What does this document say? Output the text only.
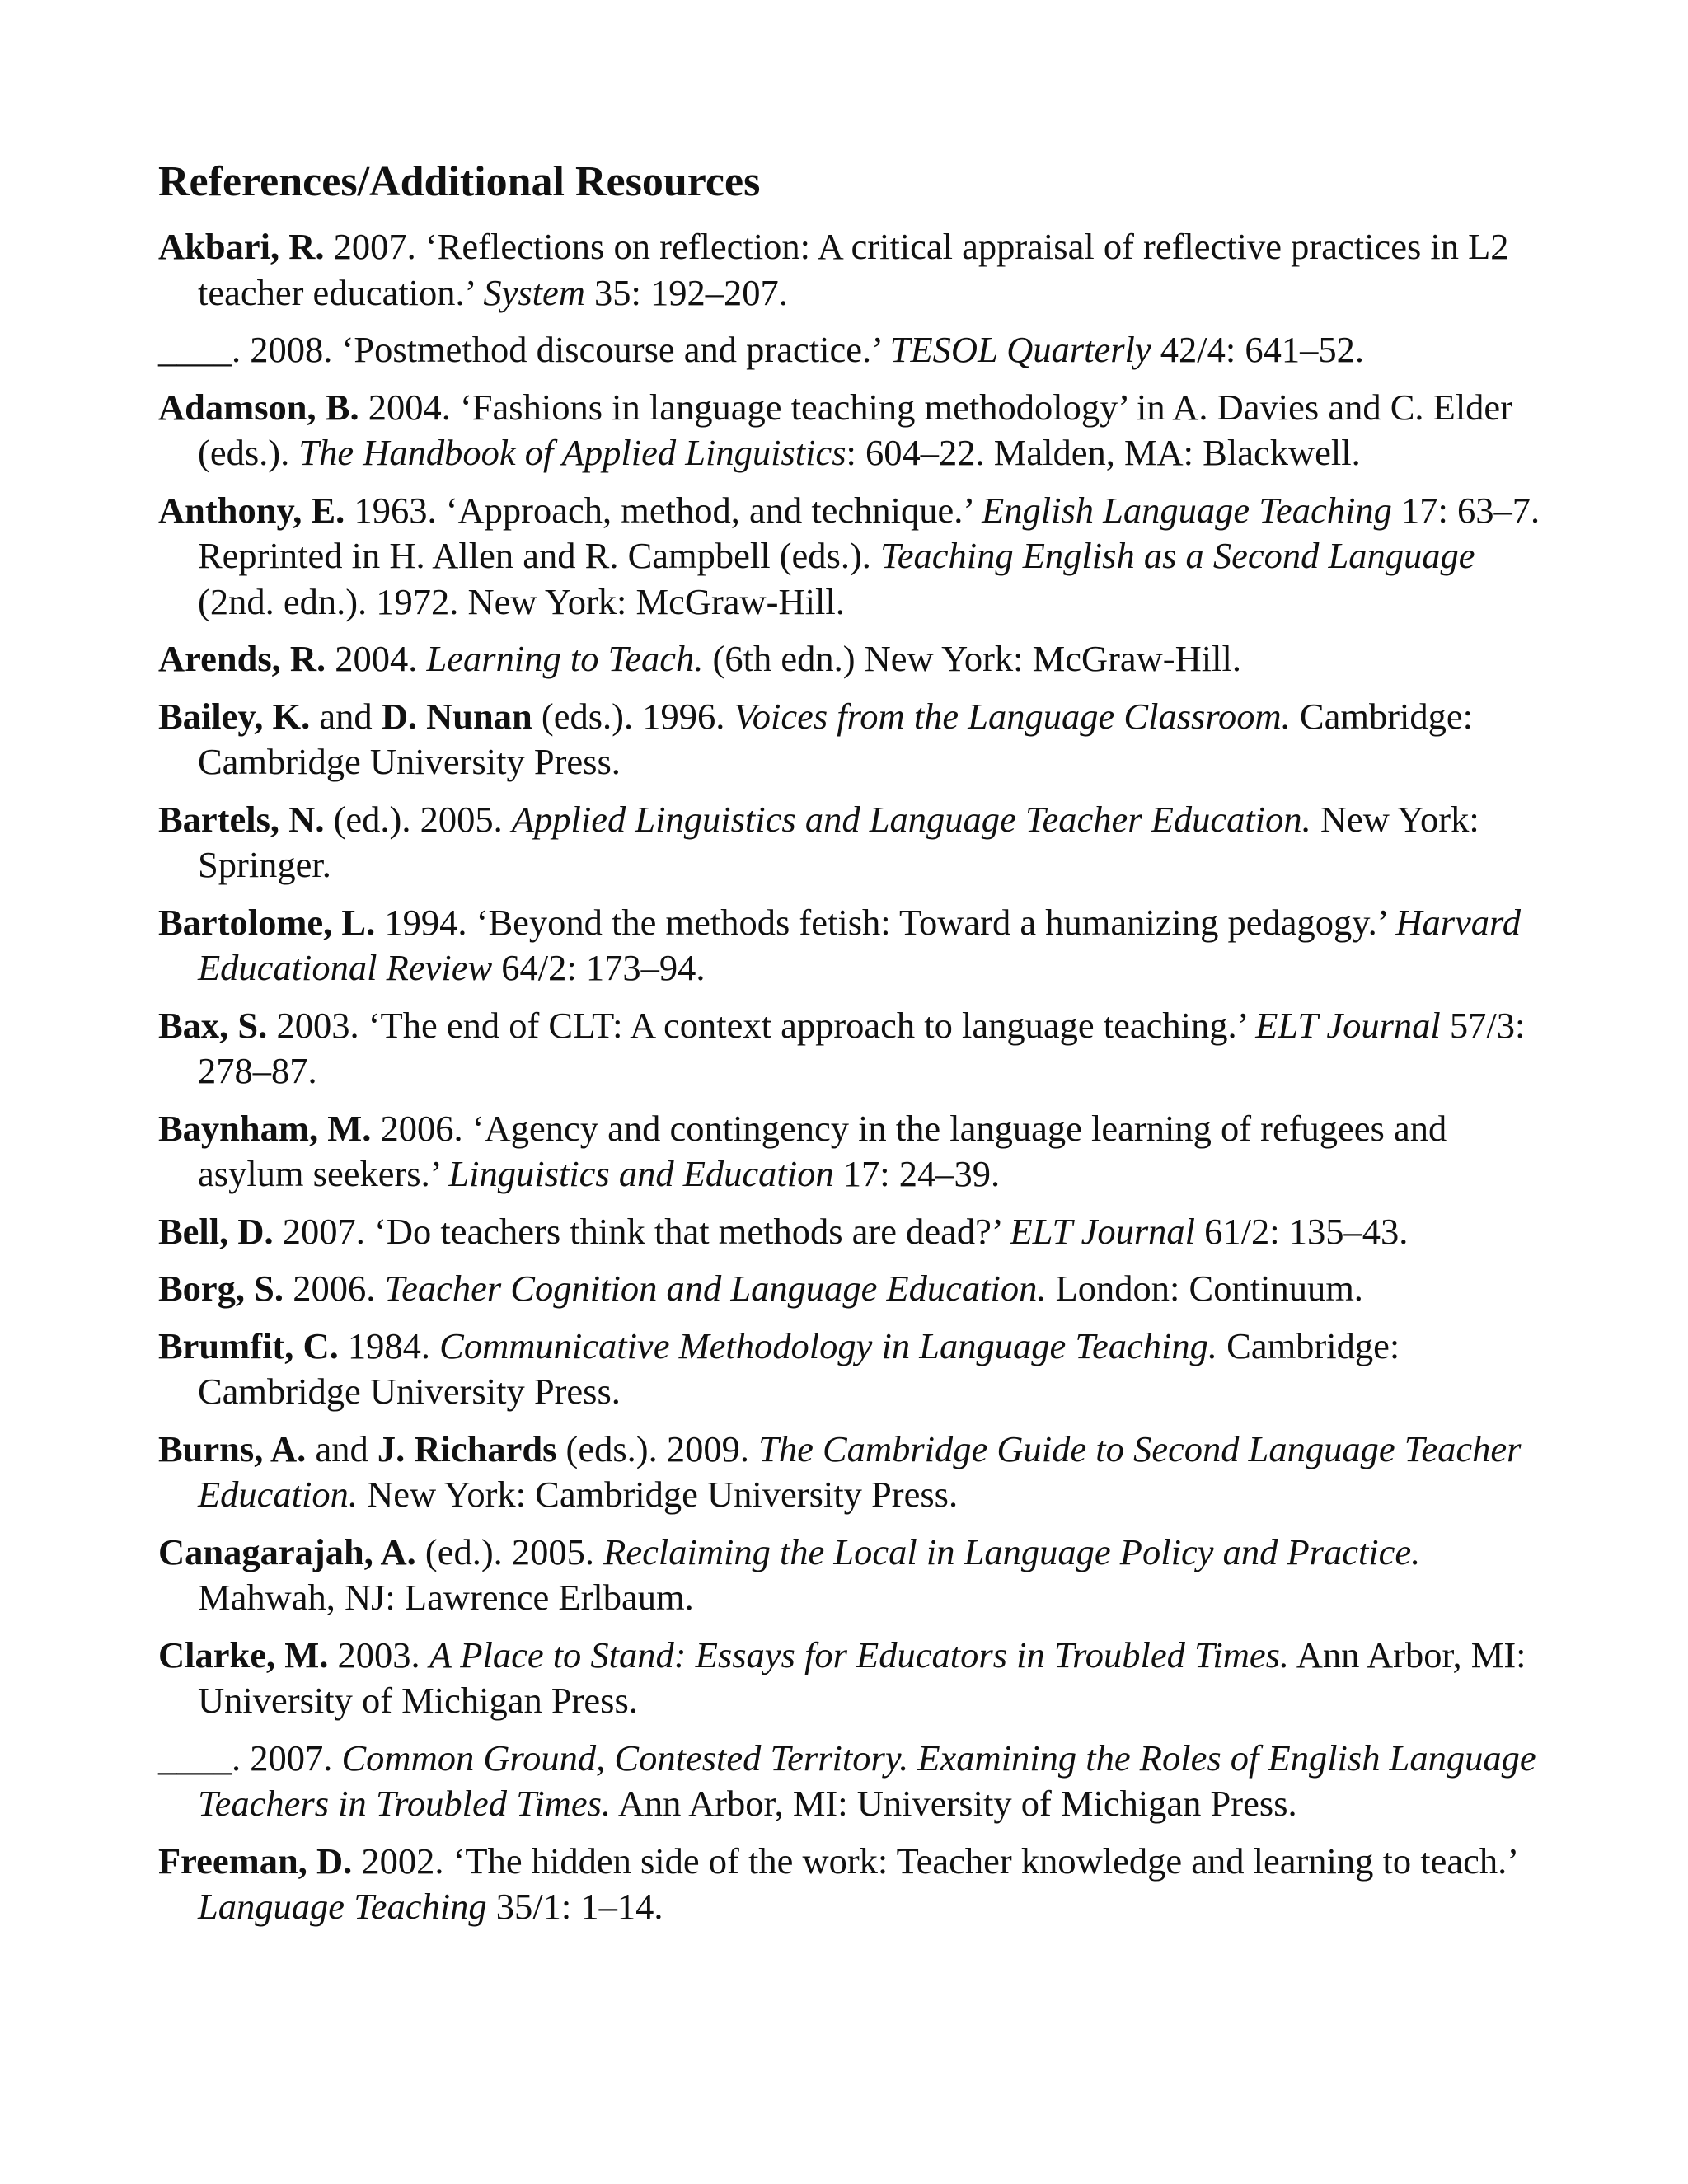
References/Additional Resources

Akbari, R. 2007. ‘Reflections on reflection: A critical appraisal of reflective practices in L2 teacher education.’ System 35: 192–207.

____. 2008. ‘Postmethod discourse and practice.’ TESOL Quarterly 42/4: 641–52.

Adamson, B. 2004. ‘Fashions in language teaching methodology’ in A. Davies and C. Elder (eds.). The Handbook of Applied Linguistics: 604–22. Malden, MA: Blackwell.

Anthony, E. 1963. ‘Approach, method, and technique.’ English Language Teaching 17: 63–7. Reprinted in H. Allen and R. Campbell (eds.). Teaching English as a Second Language (2nd. edn.). 1972. New York: McGraw-Hill.

Arends, R. 2004. Learning to Teach. (6th edn.) New York: McGraw-Hill.

Bailey, K. and D. Nunan (eds.). 1996. Voices from the Language Classroom. Cambridge: Cambridge University Press.

Bartels, N. (ed.). 2005. Applied Linguistics and Language Teacher Education. New York: Springer.

Bartolome, L. 1994. ‘Beyond the methods fetish: Toward a humanizing pedagogy.’ Harvard Educational Review 64/2: 173–94.

Bax, S. 2003. ‘The end of CLT: A context approach to language teaching.’ ELT Journal 57/3: 278–87.

Baynham, M. 2006. ‘Agency and contingency in the language learning of refugees and asylum seekers.’ Linguistics and Education 17: 24–39.

Bell, D. 2007. ‘Do teachers think that methods are dead?’ ELT Journal 61/2: 135–43.

Borg, S. 2006. Teacher Cognition and Language Education. London: Continuum.

Brumfit, C. 1984. Communicative Methodology in Language Teaching. Cambridge: Cambridge University Press.

Burns, A. and J. Richards (eds.). 2009. The Cambridge Guide to Second Language Teacher Education. New York: Cambridge University Press.

Canagarajah, A. (ed.). 2005. Reclaiming the Local in Language Policy and Practice. Mahwah, NJ: Lawrence Erlbaum.

Clarke, M. 2003. A Place to Stand: Essays for Educators in Troubled Times. Ann Arbor, MI: University of Michigan Press.

____. 2007. Common Ground, Contested Territory. Examining the Roles of English Language Teachers in Troubled Times. Ann Arbor, MI: University of Michigan Press.

Freeman, D. 2002. ‘The hidden side of the work: Teacher knowledge and learning to teach.’ Language Teaching 35/1: 1–14.
